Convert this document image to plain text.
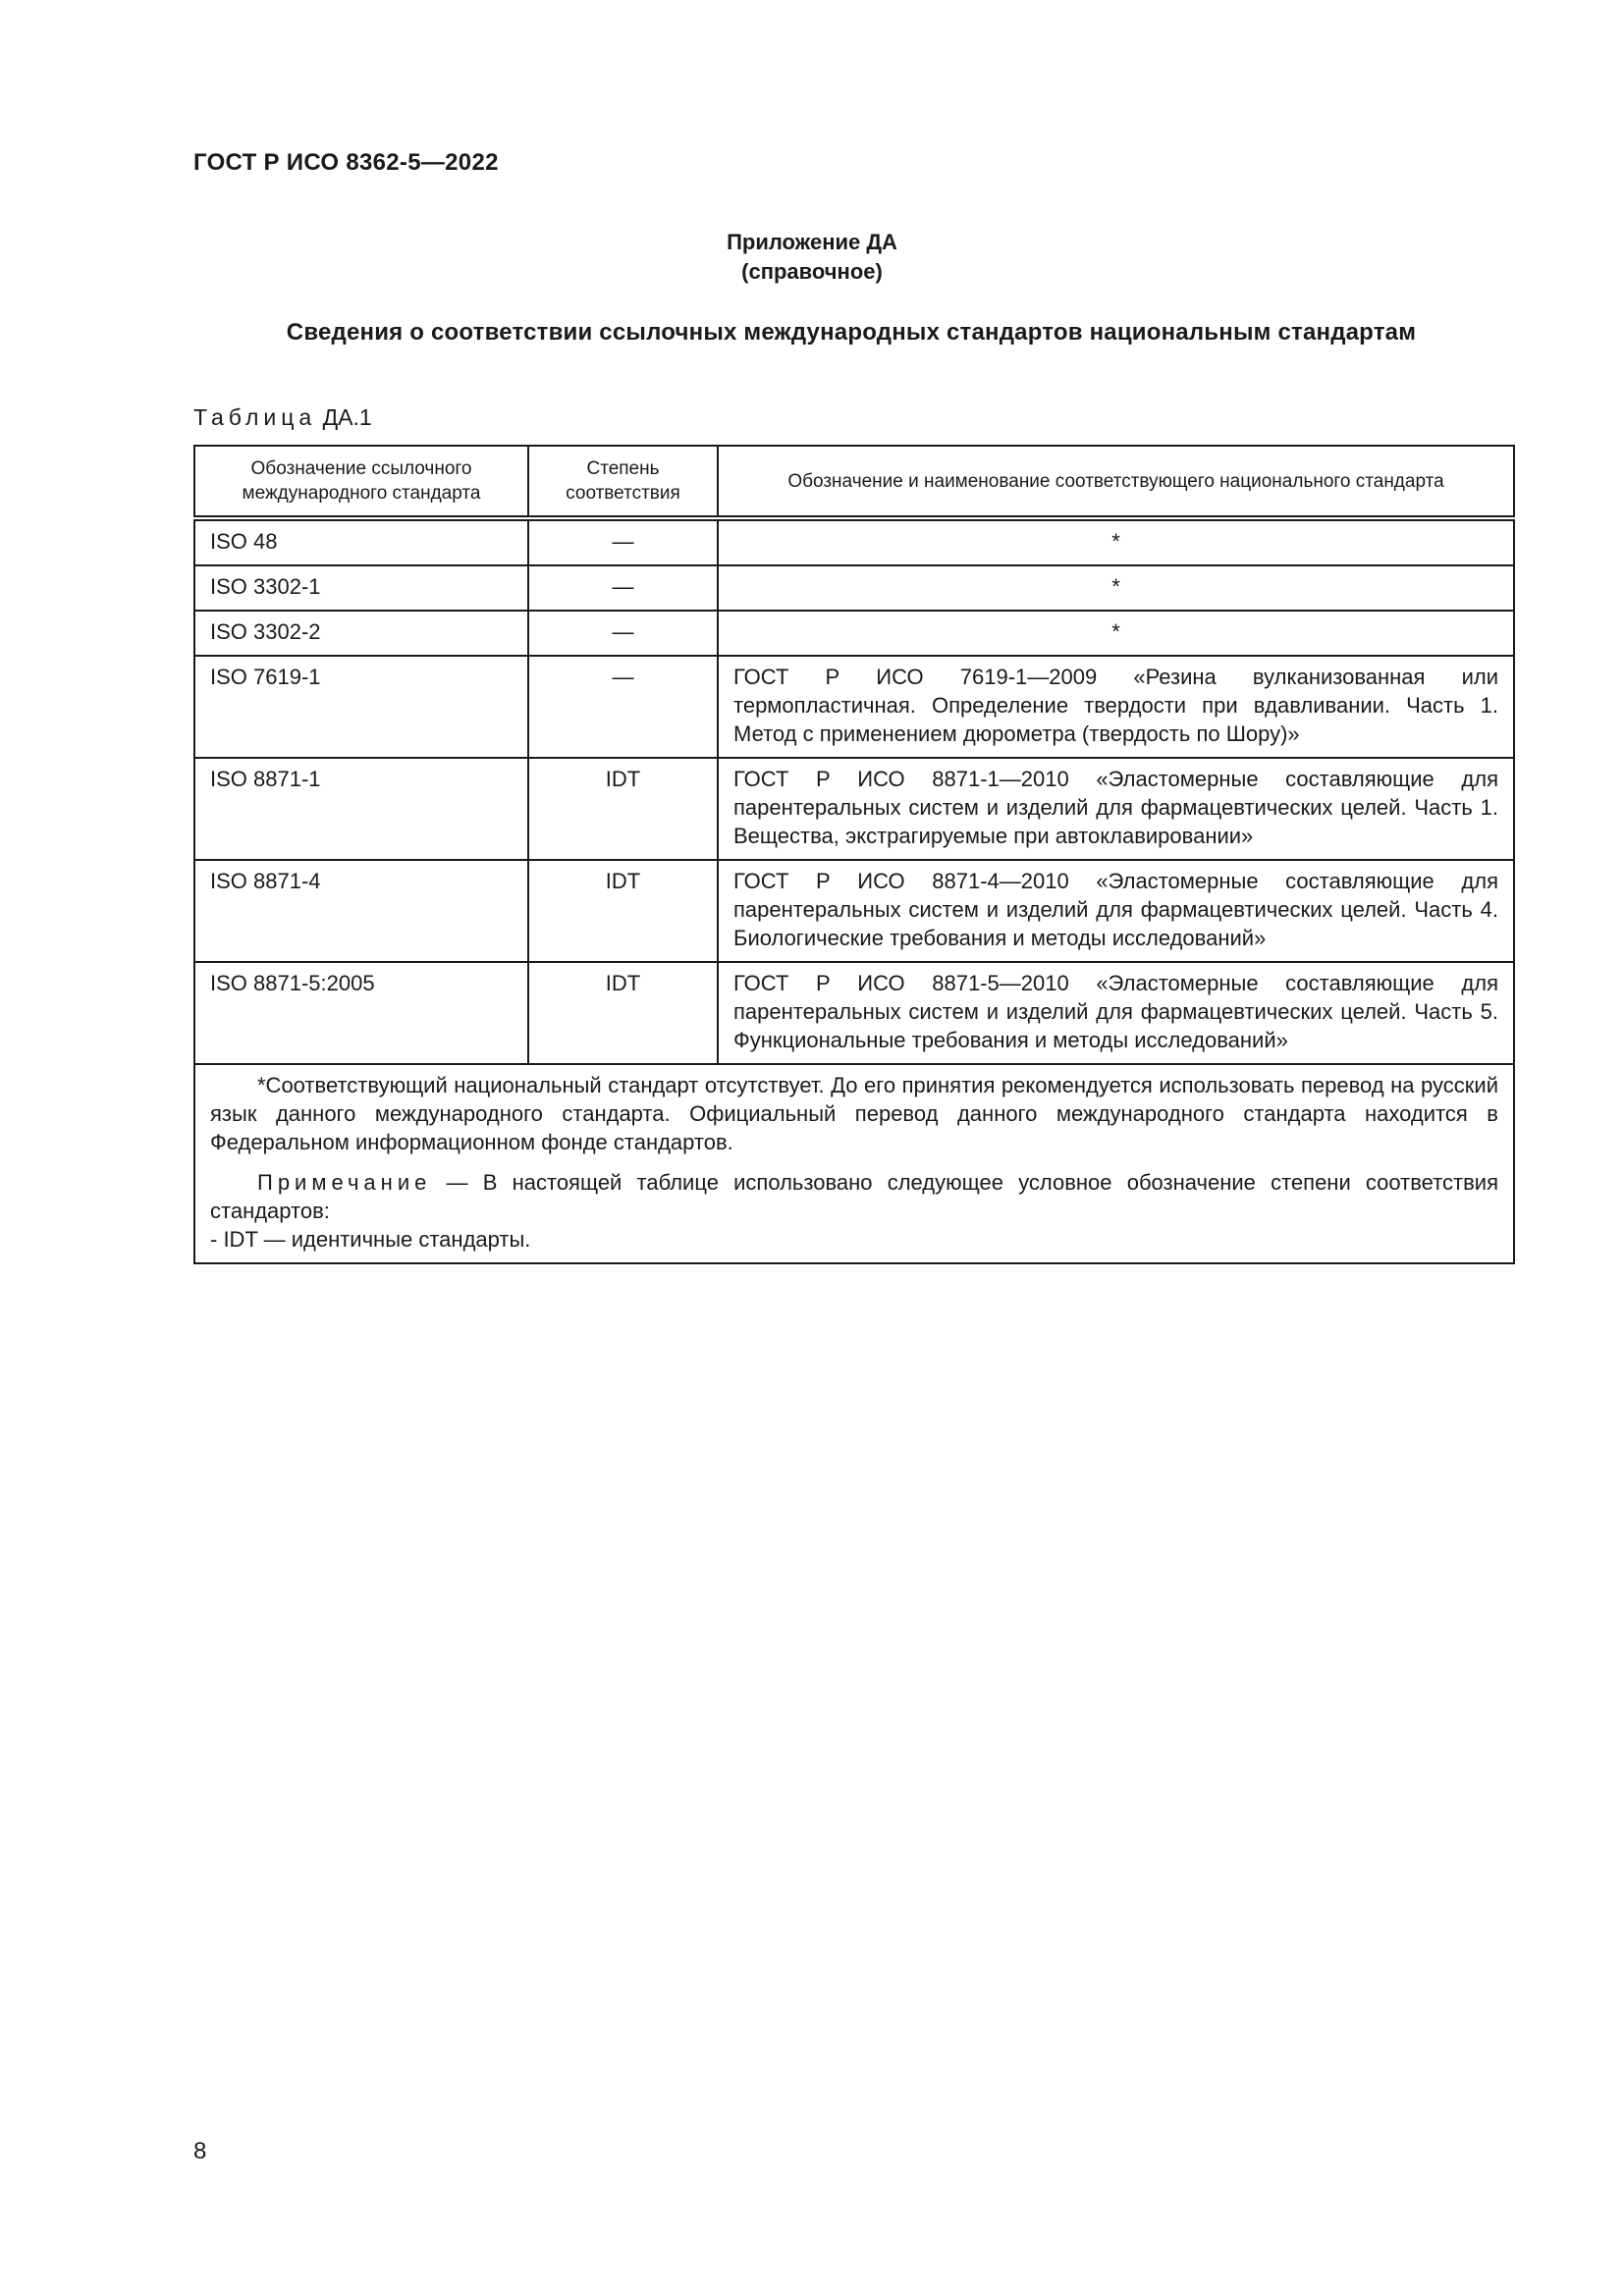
ГОСТ Р ИСО 8362-5—2022
Приложение ДА
(справочное)
Сведения о соответствии ссылочных международных стандартов национальным стандартам
Таблица ДА.1
Обозначение ссылочного международного стандарта	Степень соответствия	Обозначение и наименование соответствующего национального стандарта
ISO 48	—	*
ISO 3302-1	—	*
ISO 3302-2	—	*
ISO 7619-1	—	ГОСТ Р ИСО 7619-1—2009 «Резина вулканизованная или термопластичная. Определение твердости при вдавливании. Часть 1. Метод с применением дюрометра (твердость по Шору)»
ISO 8871-1	IDT	ГОСТ Р ИСО 8871-1—2010 «Эластомерные составляющие для парентеральных систем и изделий для фармацевтических целей. Часть 1. Вещества, экстрагируемые при автоклавировании»
ISO 8871-4	IDT	ГОСТ Р ИСО 8871-4—2010 «Эластомерные составляющие для парентеральных систем и изделий для фармацевтических целей. Часть 4. Биологические требования и методы исследований»
ISO 8871-5:2005	IDT	ГОСТ Р ИСО 8871-5—2010 «Эластомерные составляющие для парентеральных систем и изделий для фармацевтических целей. Часть 5. Функциональные требования и методы исследований»

*Соответствующий национальный стандарт отсутствует. До его принятия рекомендуется использовать перевод на русский язык данного международного стандарта. Официальный перевод данного международного стандарта находится в Федеральном информационном фонде стандартов.

Примечание — В настоящей таблице использовано следующее условное обозначение степени соответствия стандартов:

- IDT — идентичные стандарты.		

8
